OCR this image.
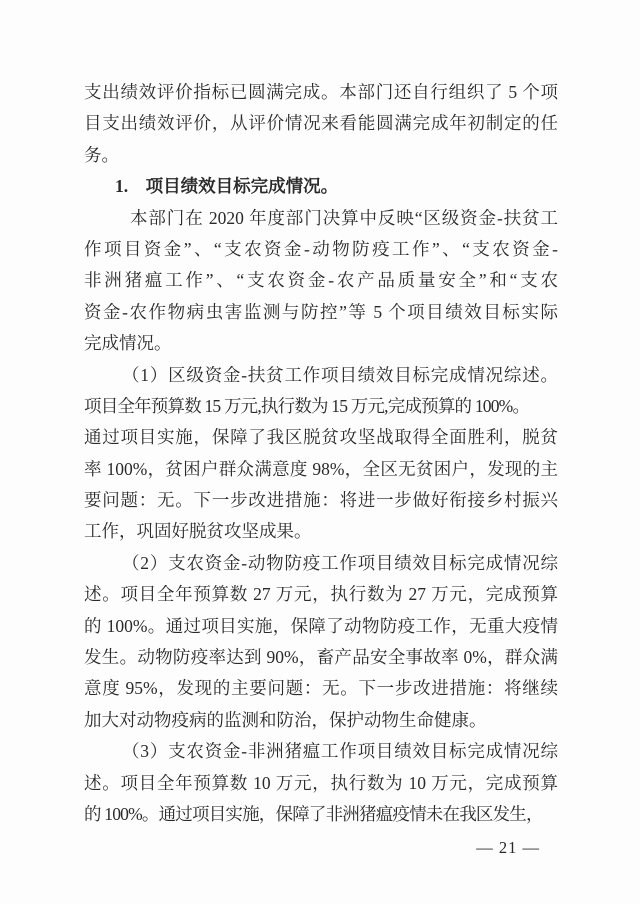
支出绩效评价指标已圆满完成。本部门还自行组织了 5 个项
目支出绩效评价，从评价情况来看能圆满完成年初制定的任
务。
1.　项目绩效目标完成情况。
本部门在 2020 年度部门决算中反映“区级资金-扶贫工
作项目资金”、“支农资金-动物防疫工作”、“支农资金-
非洲猪瘟工作”、“支农资金-农产品质量安全”和“支农
资金-农作物病虫害监测与防控”等 5 个项目绩效目标实际
完成情况。
（1）区级资金-扶贫工作项目绩效目标完成情况综述。
项目全年预算数 15 万元,执行数为 15 万元,完成预算的 100%。
通过项目实施，保障了我区脱贫攻坚战取得全面胜利，脱贫
率 100%，贫困户群众满意度 98%，全区无贫困户，发现的主
要问题：无。下一步改进措施：将进一步做好衔接乡村振兴
工作，巩固好脱贫攻坚成果。
（2）支农资金-动物防疫工作项目绩效目标完成情况综
述。项目全年预算数 27 万元，执行数为 27 万元，完成预算
的 100%。通过项目实施，保障了动物防疫工作，无重大疫情
发生。动物防疫率达到 90%，畜产品安全事故率 0%，群众满
意度 95%，发现的主要问题：无。下一步改进措施：将继续
加大对动物疫病的监测和防治，保护动物生命健康。
（3）支农资金-非洲猪瘟工作项目绩效目标完成情况综
述。项目全年预算数 10 万元，执行数为 10 万元，完成预算
的 100%。通过项目实施，保障了非洲猪瘟疫情未在我区发生，
— 21 —
